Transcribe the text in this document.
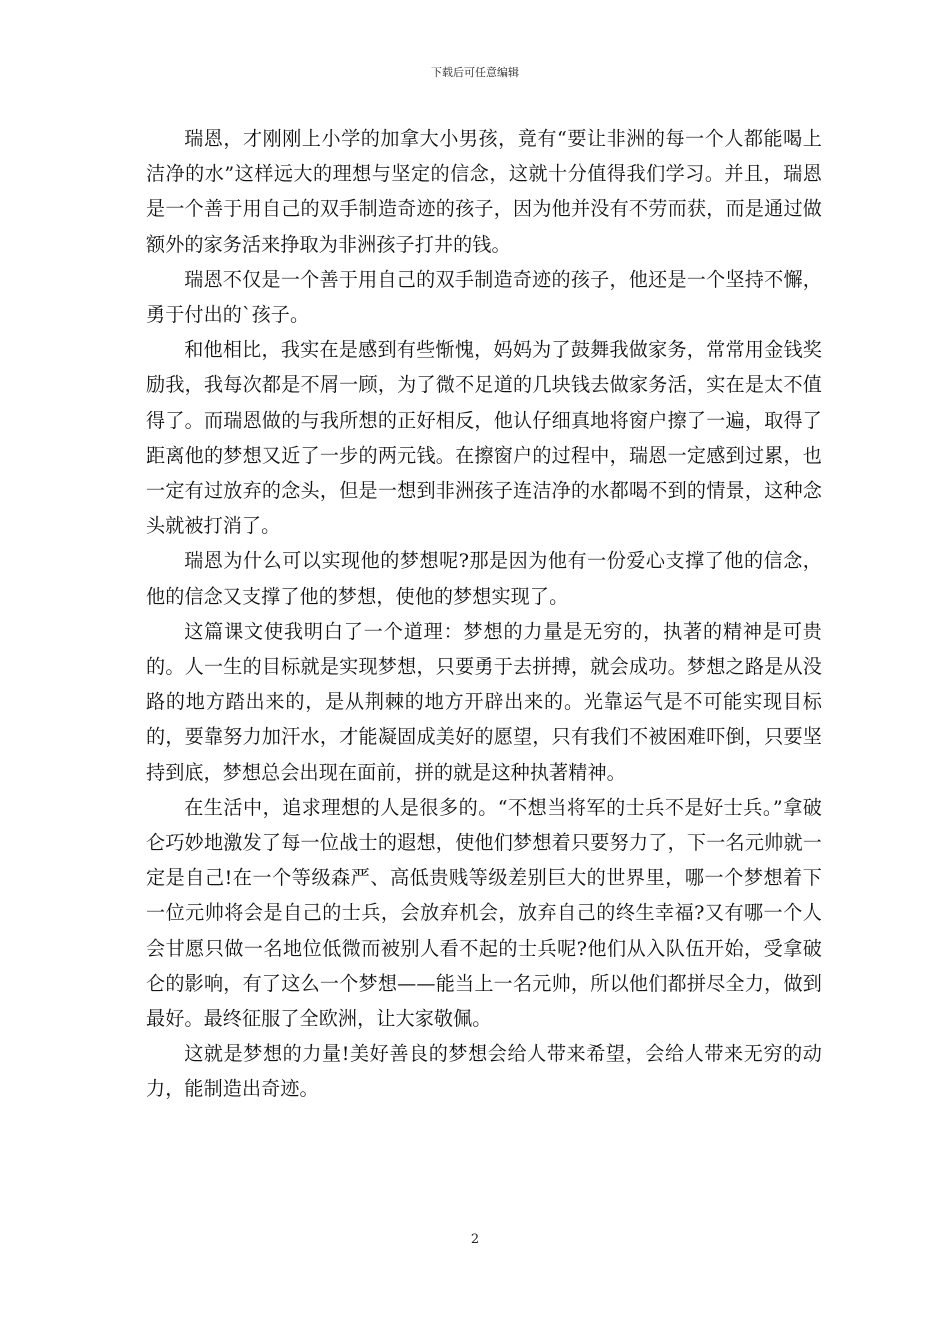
下载后可任意编辑

瑞恩，才刚刚上小学的加拿大小男孩，竟有“要让非洲的每一个人都能喝上洁净的水”这样远大的理想与坚定的信念，这就十分值得我们学习。并且，瑞恩是一个善于用自己的双手制造奇迹的孩子，因为他并没有不劳而获，而是通过做额外的家务活来挣取为非洲孩子打井的钱。

瑞恩不仅是一个善于用自己的双手制造奇迹的孩子，他还是一个坚持不懈，勇于付出的`孩子。

和他相比，我实在是感到有些惭愧，妈妈为了鼓舞我做家务，常常用金钱奖励我，我每次都是不屑一顾，为了微不足道的几块钱去做家务活，实在是太不值得了。而瑞恩做的与我所想的正好相反，他认仔细真地将窗户擦了一遍，取得了距离他的梦想又近了一步的两元钱。在擦窗户的过程中，瑞恩一定感到过累，也一定有过放弃的念头，但是一想到非洲孩子连洁净的水都喝不到的情景，这种念头就被打消了。

瑞恩为什么可以实现他的梦想呢?那是因为他有一份爱心支撑了他的信念，他的信念又支撑了他的梦想，使他的梦想实现了。

这篇课文使我明白了一个道理：梦想的力量是无穷的，执著的精神是可贵的。人一生的目标就是实现梦想，只要勇于去拼搏，就会成功。梦想之路是从没路的地方踏出来的，是从荆棘的地方开辟出来的。光靠运气是不可能实现目标的，要靠努力加汗水，才能凝固成美好的愿望，只有我们不被困难吓倒，只要坚持到底，梦想总会出现在面前，拼的就是这种执著精神。

在生活中，追求理想的人是很多的。“不想当将军的士兵不是好士兵。”拿破仑巧妙地激发了每一位战士的遐想，使他们梦想着只要努力了，下一名元帅就一定是自己!在一个等级森严、高低贵贱等级差别巨大的世界里，哪一个梦想着下一位元帅将会是自己的士兵，会放弃机会，放弃自己的终生幸福?又有哪一个人会甘愿只做一名地位低微而被别人看不起的士兵呢?他们从入队伍开始，受拿破仑的影响，有了这么一个梦想——能当上一名元帅，所以他们都拼尽全力，做到最好。最终征服了全欧洲，让大家敬佩。

这就是梦想的力量!美好善良的梦想会给人带来希望，会给人带来无穷的动力，能制造出奇迹。

2
